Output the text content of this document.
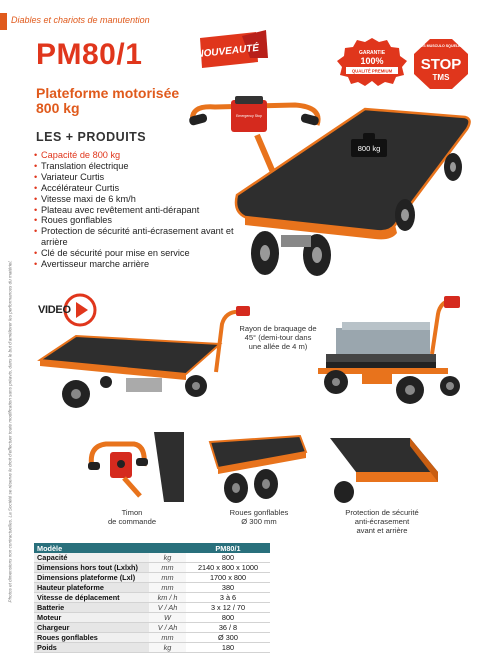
Diables et chariots de manutention
Photos et dimensions non contractuelles. La Société se réserve le droit d'effectuer toute modification sans préavis, dans le but d'améliorer les performances du matériel.
PM80/1
Plateforme motorisée
800 kg
NOUVEAUTÉ	GARANTIE
100%
QUALITÉ PREMIUM
TROUBLES MUSCULO SQUELETTIQUES
STOP
TMS
LES + PRODUITS
• Capacité de 800 kg
• Translation électrique
• Variateur Curtis
• Accélérateur Curtis
• Vitesse maxi de 6 km/h
• Plateau avec revêtement anti-dérapant
• Roues gonflables
• Protection de sécurité anti-écrasement avant et arrière
• Clé de sécurité pour mise en service
• Avertisseur marche arrière
Emergency Stop
800 kg
VIDEO
Rayon de braquage de 45° (demi-tour dans une allée de 4 m)
Timon
de commande
Roues gonflables
Ø 300 mm
Protection de sécurité
anti-écrasement
avant et arrière
Modèle		PM80/1
Capacité	kg	800
Dimensions hors tout (Lxlxh)	mm	2140 x 800 x 1000
Dimensions plateforme (Lxl)	mm	1700 x 800
Hauteur plateforme	mm	380
Vitesse de déplacement	km / h	3 à 6
Batterie	V / Ah	3 x 12 / 70
Moteur	W	800
Chargeur	V / Ah	36 / 8
Roues gonflables	mm	Ø 300
Poids	kg	180
